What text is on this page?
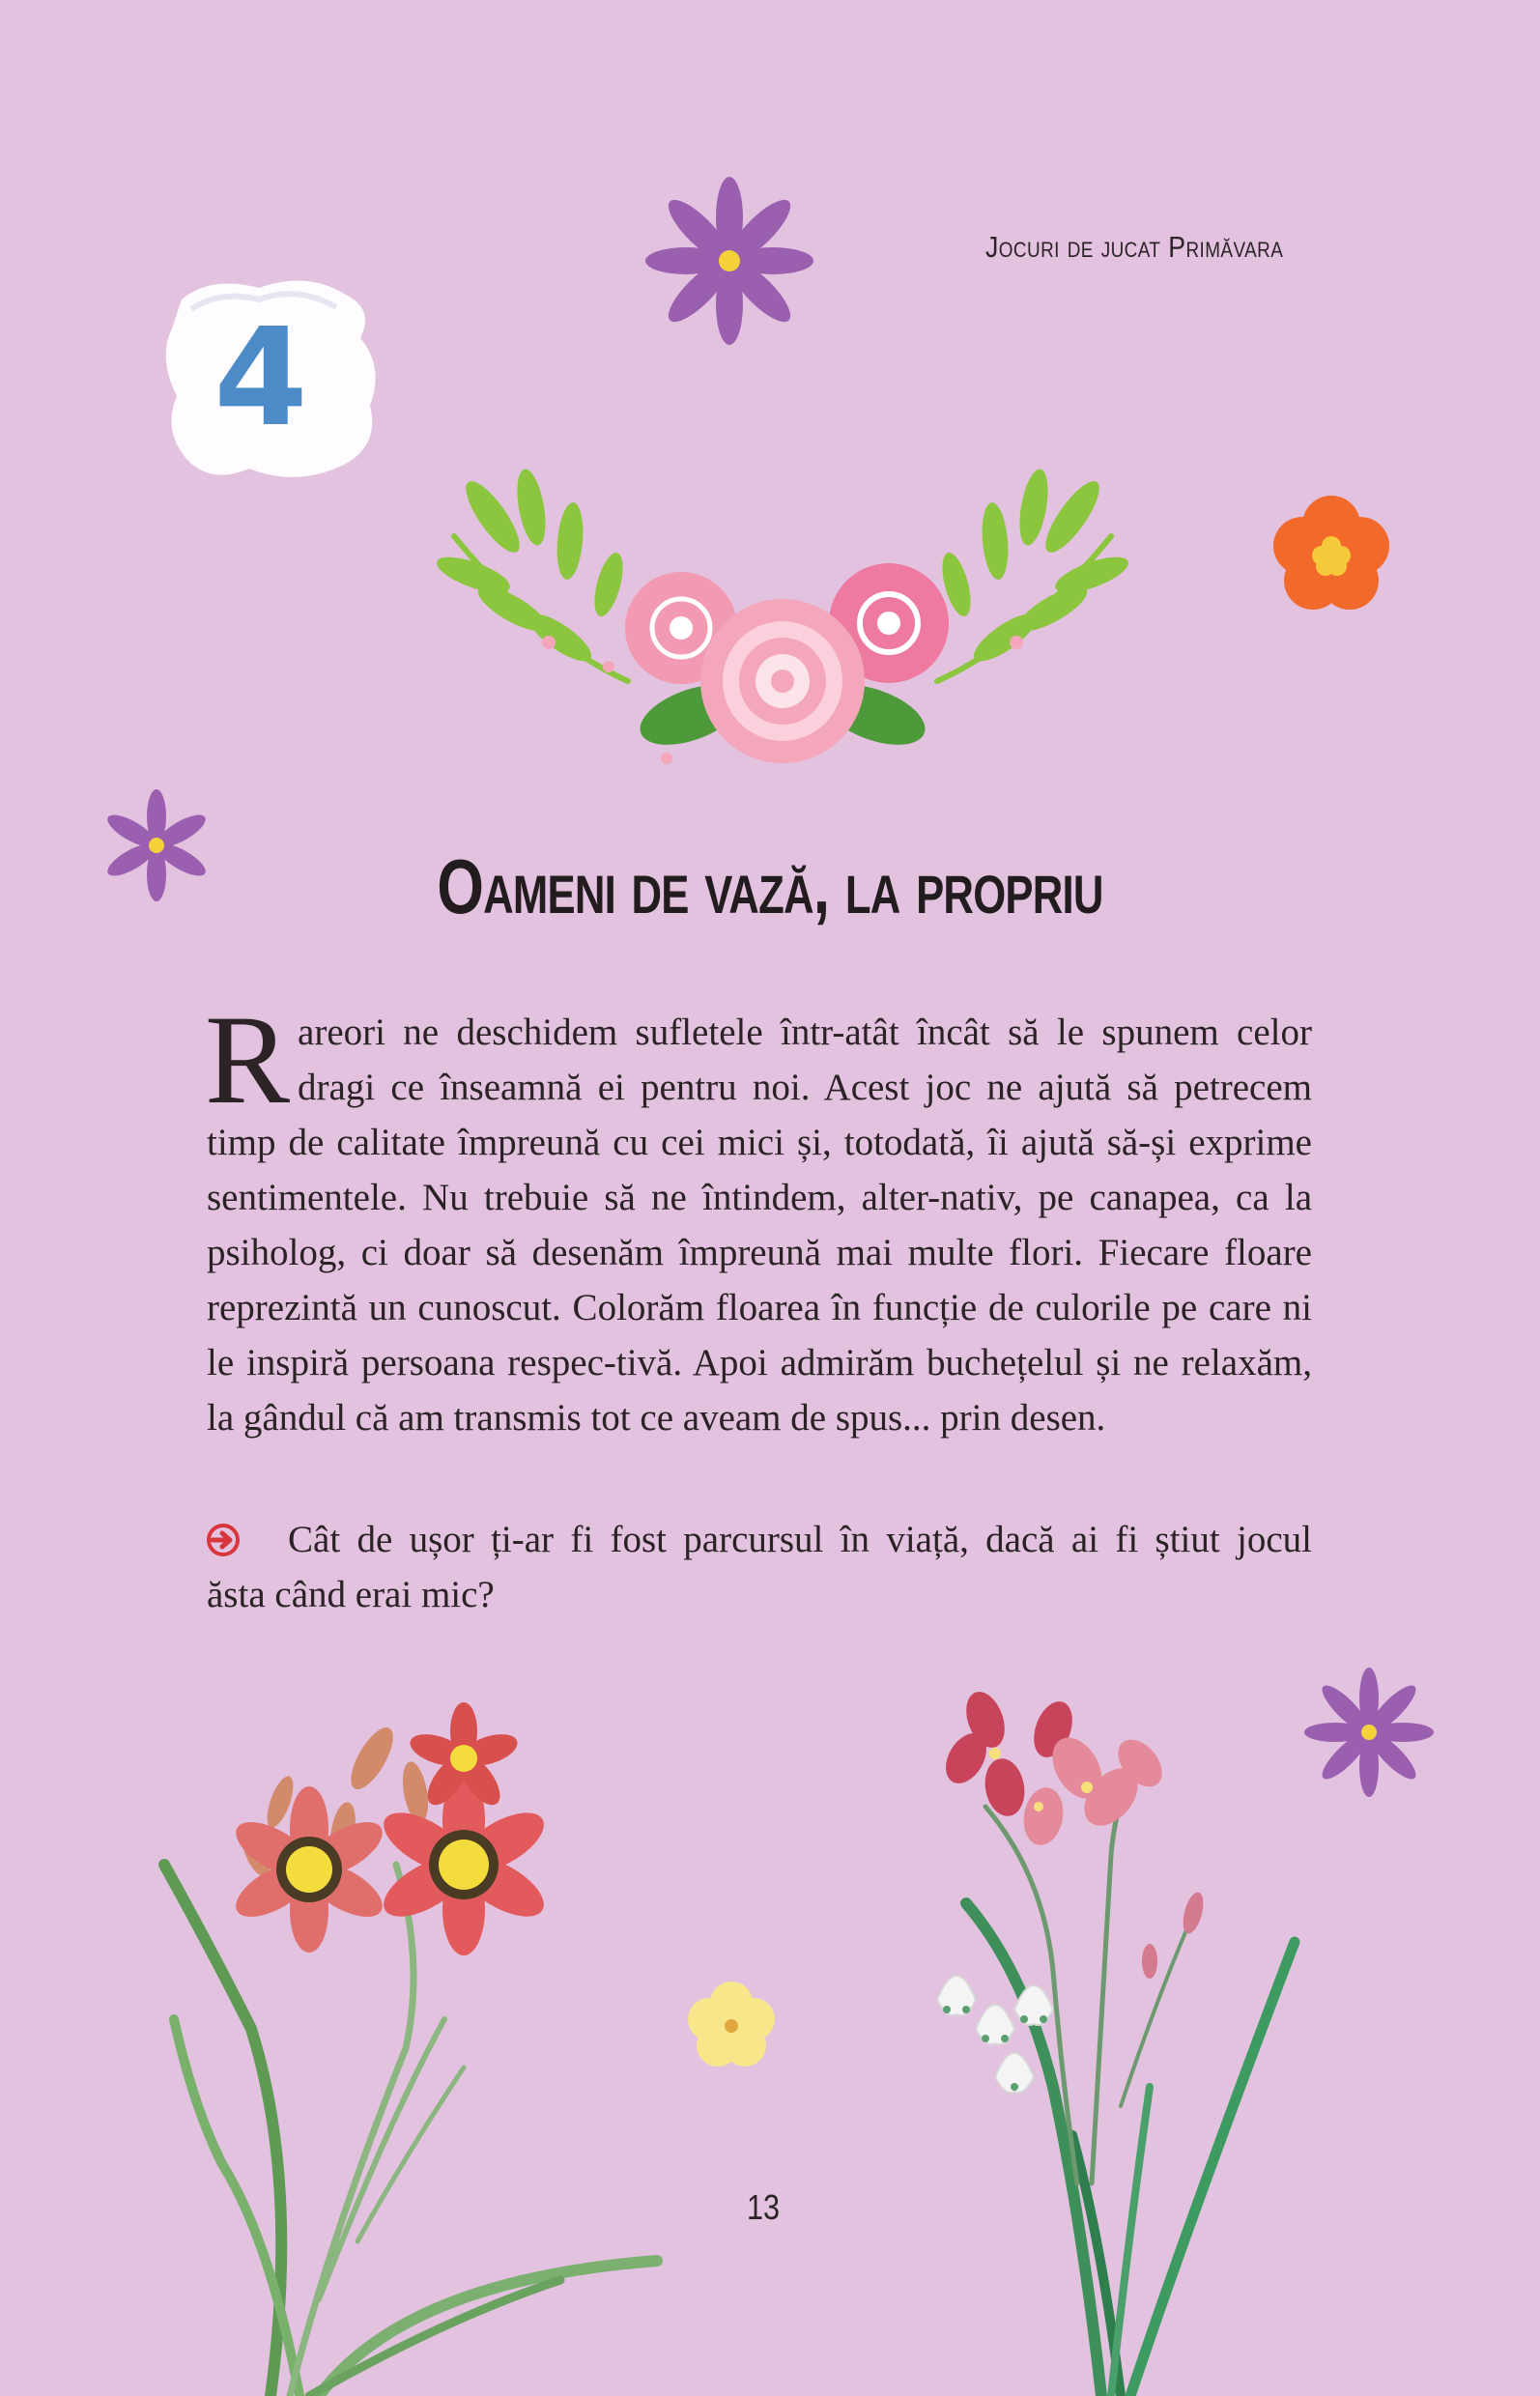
Jocuri de jucat Primăvara
4
Oameni de vază, la propriu

Rareori ne deschidem sufletele într-atât încât să le spunem celor dragi ce înseamnă ei pentru noi. Acest joc ne ajută să petrecem timp de calitate împreună cu cei mici și, totodată, îi ajută să-și exprime sentimentele. Nu trebuie să ne întindem, alter-nativ, pe canapea, ca la psiholog, ci doar să desenăm împreună mai multe flori. Fiecare floare reprezintă un cunoscut. Colorăm floarea în funcție de culorile pe care ni le inspiră persoana respec-tivă. Apoi admirăm buchețelul și ne relaxăm, la gândul că am transmis tot ce aveam de spus... prin desen.

Cât de ușor ți-ar fi fost parcursul în viață, dacă ai fi știut jocul
ăsta când erai mic?
13
